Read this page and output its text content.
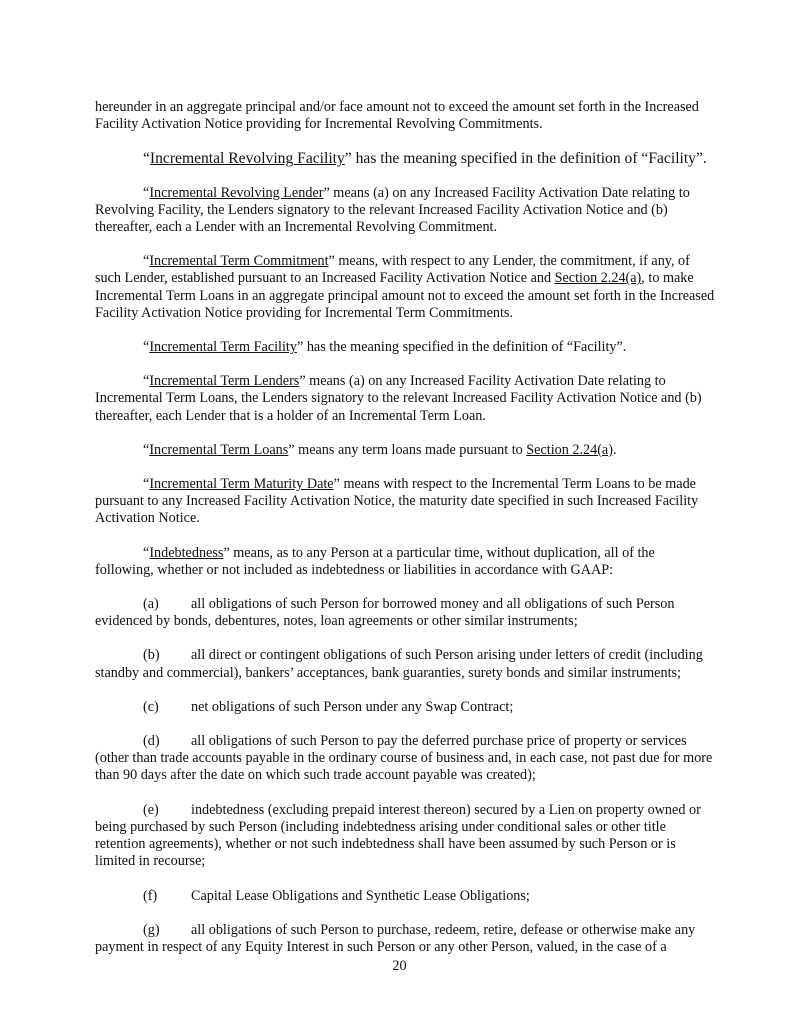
hereunder in an aggregate principal and/or face amount not to exceed the amount set forth in the Increased Facility Activation Notice providing for Incremental Revolving Commitments.

“Incremental Revolving Facility” has the meaning specified in the definition of “Facility”.

“Incremental Revolving Lender” means (a) on any Increased Facility Activation Date relating to Revolving Facility, the Lenders signatory to the relevant Increased Facility Activation Notice and (b) thereafter, each a Lender with an Incremental Revolving Commitment.

“Incremental Term Commitment” means, with respect to any Lender, the commitment, if any, of such Lender, established pursuant to an Increased Facility Activation Notice and Section 2.24(a), to make Incremental Term Loans in an aggregate principal amount not to exceed the amount set forth in the Increased Facility Activation Notice providing for Incremental Term Commitments.

“Incremental Term Facility” has the meaning specified in the definition of “Facility”.

“Incremental Term Lenders” means (a) on any Increased Facility Activation Date relating to Incremental Term Loans, the Lenders signatory to the relevant Increased Facility Activation Notice and (b) thereafter, each Lender that is a holder of an Incremental Term Loan.

“Incremental Term Loans” means any term loans made pursuant to Section 2.24(a).

“Incremental Term Maturity Date” means with respect to the Incremental Term Loans to be made pursuant to any Increased Facility Activation Notice, the maturity date specified in such Increased Facility Activation Notice.

“Indebtedness” means, as to any Person at a particular time, without duplication, all of the following, whether or not included as indebtedness or liabilities in accordance with GAAP:

(a) all obligations of such Person for borrowed money and all obligations of such Person evidenced by bonds, debentures, notes, loan agreements or other similar instruments;

(b) all direct or contingent obligations of such Person arising under letters of credit (including standby and commercial), bankers’ acceptances, bank guaranties, surety bonds and similar instruments;

(c) net obligations of such Person under any Swap Contract;

(d) all obligations of such Person to pay the deferred purchase price of property or services (other than trade accounts payable in the ordinary course of business and, in each case, not past due for more than 90 days after the date on which such trade account payable was created);

(e) indebtedness (excluding prepaid interest thereon) secured by a Lien on property owned or being purchased by such Person (including indebtedness arising under conditional sales or other title retention agreements), whether or not such indebtedness shall have been assumed by such Person or is limited in recourse;

(f) Capital Lease Obligations and Synthetic Lease Obligations;

(g) all obligations of such Person to purchase, redeem, retire, defease or otherwise make any payment in respect of any Equity Interest in such Person or any other Person, valued, in the case of a

20
